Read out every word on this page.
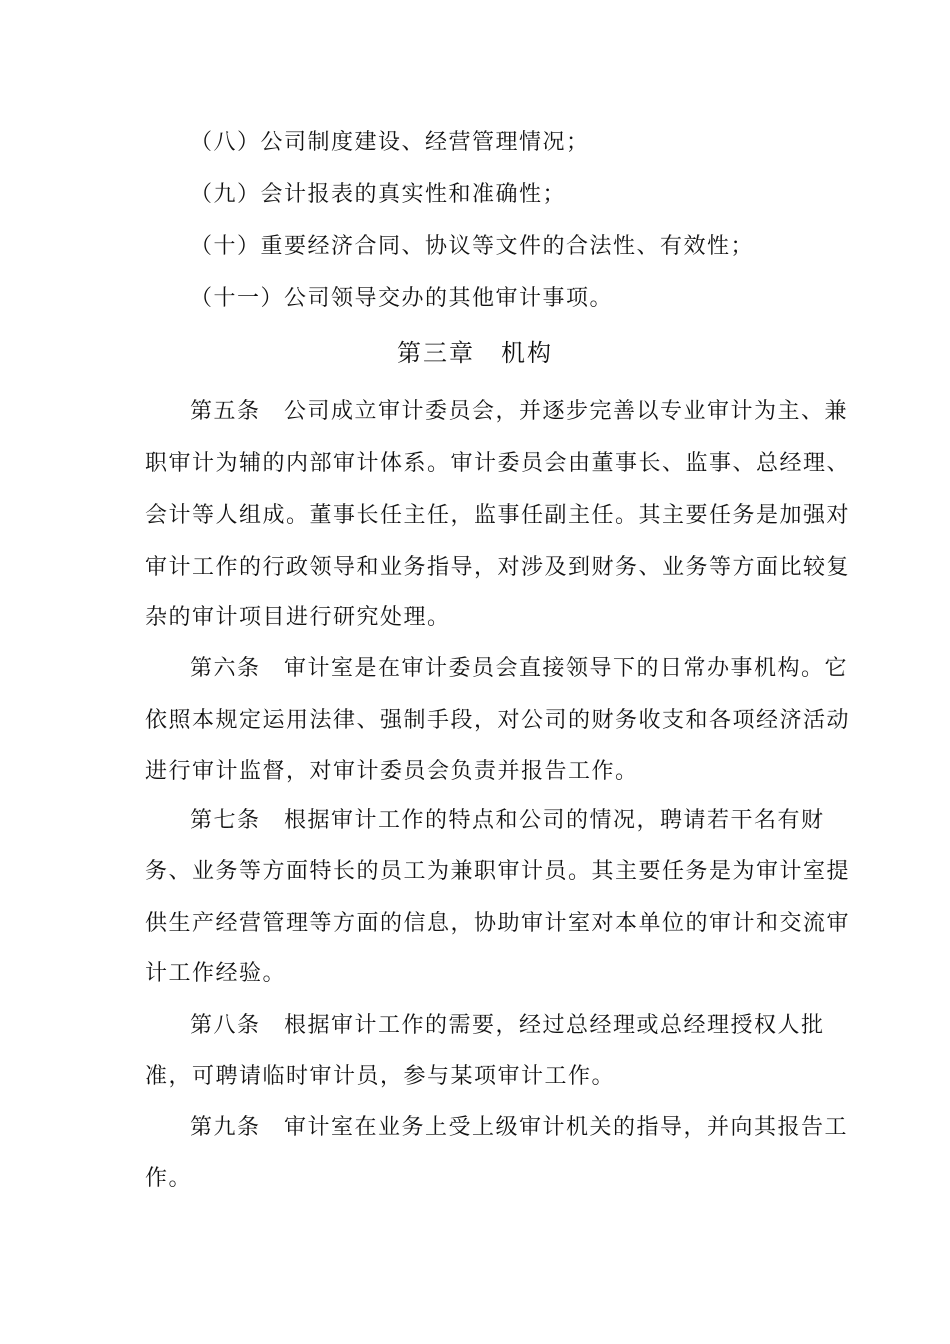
（八）公司制度建设、经营管理情况；　
（九）会计报表的真实性和准确性；　
（十）重要经济合同、协议等文件的合法性、有效性；　
（十一）公司领导交办的其他审计事项。　
第三章　机构
第五条　公司成立审计委员会，并逐步完善以专业审计为主、兼
职审计为辅的内部审计体系。审计委员会由董事长、监事、总经理、
会计等人组成。董事长任主任，监事任副主任。其主要任务是加强对
审计工作的行政领导和业务指导，对涉及到财务、业务等方面比较复
杂的审计项目进行研究处理。　
第六条　审计室是在审计委员会直接领导下的日常办事机构。它
依照本规定运用法律、强制手段，对公司的财务收支和各项经济活动
进行审计监督，对审计委员会负责并报告工作。
第七条　根据审计工作的特点和公司的情况，聘请若干名有财
务、业务等方面特长的员工为兼职审计员。其主要任务是为审计室提
供生产经营管理等方面的信息，协助审计室对本单位的审计和交流审
计工作经验。　
第八条　根据审计工作的需要，经过总经理或总经理授权人批
准，可聘请临时审计员，参与某项审计工作。　
第九条　审计室在业务上受上级审计机关的指导，并向其报告工
作。　
